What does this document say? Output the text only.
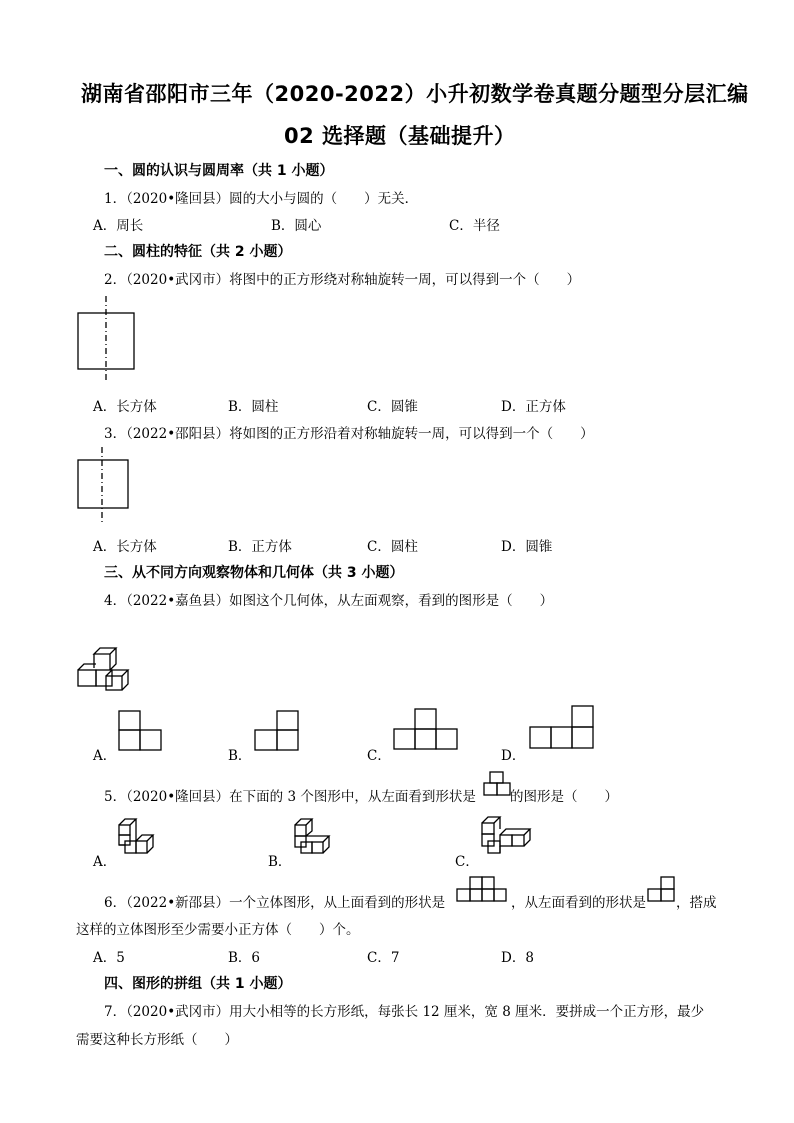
湖南省邵阳市三年（2020-2022）小升初数学卷真题分题型分层汇编
02 选择题（基础提升）
一、圆的认识与圆周率（共 1 小题）
1．（2020•隆回县）圆的大小与圆的（　　）无关．
A．周长	B．圆心	C．半径
二、圆柱的特征（共 2 小题）
2．（2020•武冈市）将图中的正方形绕对称轴旋转一周，可以得到一个（　　）
A．长方体	B．圆柱	C．圆锥	D．正方体
3．（2022•邵阳县）将如图的正方形沿着对称轴旋转一周，可以得到一个（　　）
A．长方体	B．正方体	C．圆柱	D．圆锥
三、从不同方向观察物体和几何体（共 3 小题）
4．（2022•嘉鱼县）如图这个几何体，从左面观察，看到的图形是（　　）
A．	B．	C．	D．
5．（2020•隆回县）在下面的 3 个图形中，从左面看到形状是	的图形是（　　）
A．	B．	C．
6．（2022•新邵县）一个立体图形，从上面看到的形状是	，从左面看到的形状是 ，搭成
这样的立体图形至少需要小正方体（　　）个。
A．5	B．6	C．7	D．8
四、图形的拼组（共 1 小题）
7．（2020•武冈市）用大小相等的长方形纸，每张长 12 厘米，宽 8 厘米．要拼成一个正方形，最少
需要这种长方形纸（　　）
